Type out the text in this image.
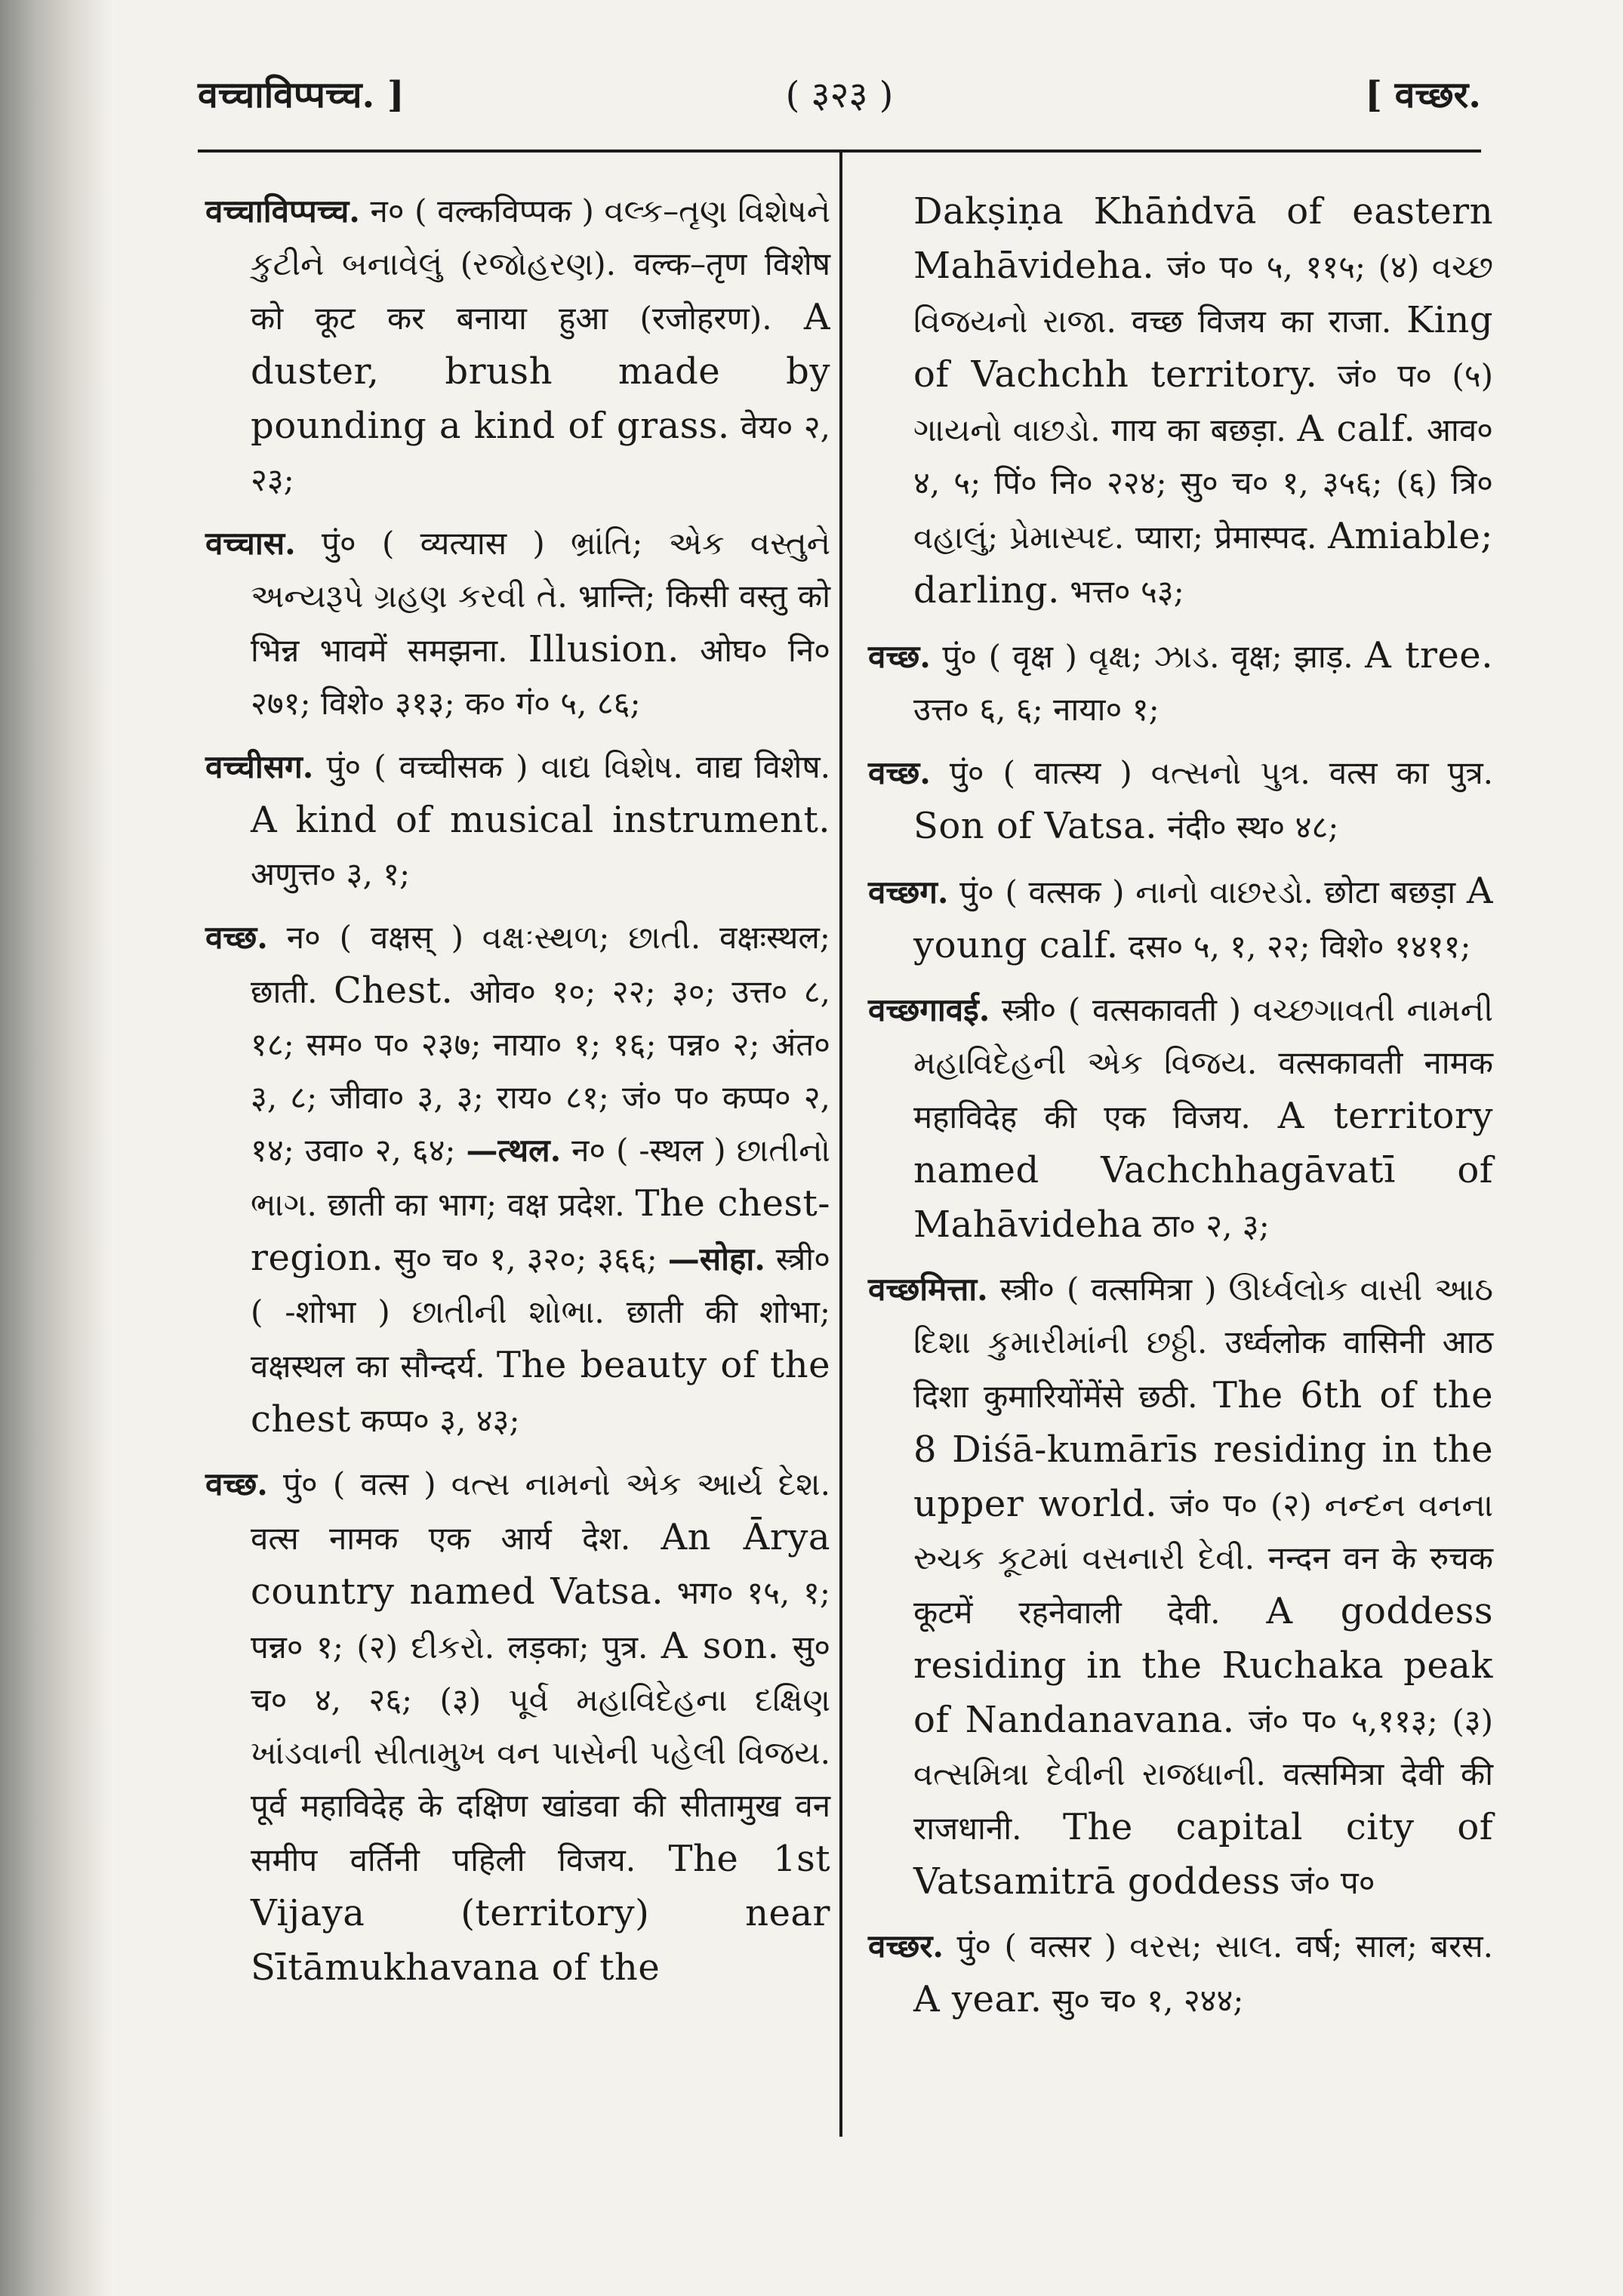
वच्चाविप्पच्च. ]	( ३२३ )	[ वच्छर.

वच्चाविप्पच्च. न० ( वल्कविप्पक ) વલ્ક–તૃણ વિશેષને કુટીને બનાવેલું (રજોહરણ). वल्क–तृण विशेष को कूट कर बनाया हुआ (रजोहरण). A duster, brush made by pounding a kind of grass. वेय० २, २३;

वच्चास. पुं० ( व्यत्यास ) ભ્રાંતિ; એક વસ્તુને અન્યરૂપે ગ્રહણ કરવી તે. भ्रान्ति; किसी वस्तु को भिन्न भावमें समझना. Illusion. ओघ० नि० २७१; विशे० ३१३; क० गं० ५, ८६;

वच्चीसग. पुं० ( वच्चीसक ) વાદ્ય વિશેષ. वाद्य विशेष. A kind of musical instrument. अणुत्त० ३, १;

वच्छ. न० ( वक्षस् ) વક્ષઃસ્થળ; છાતી. वक्षःस्थल; छाती. Chest. ओव० १०; २२; ३०; उत्त० ८, १८; सम० प० २३७; नाया० १; १६; पन्न० २; अंत० ३, ८; जीवा० ३, ३; राय० ८१; जं० प० कप्प० २, १४; उवा० २, ६४; —त्थल. न० ( -स्थल ) છાતીનો ભાગ. छाती का भाग; वक्ष प्रदेश. The chest-region. सु० च० १, ३२०; ३६६; —सोहा. स्त्री० ( -शोभा ) છાતીની શોભા. छाती की शोभा; वक्षस्थल का सौन्दर्य. The beauty of the chest कप्प० ३, ४३;

वच्छ. पुं० ( वत्स ) વત્સ નામનો એક આર્ય દેશ. वत्स नामक एक आर्य देश. An Ārya country named Vatsa. भग० १५, १; पन्न० १; (२) દીકરો. लड़का; पुत्र. A son. सु० च० ४, २६; (३) પૂર્વ મહાવિદેહના દક્ષિણ ખાંડવાની સીતામુખ વન પાસેની પહેલી વિજય. पूर्व महाविदेह के दक्षिण खांडवा की सीतामुख वन समीप वर्तिनी पहिली विजय. The 1st Vijaya (territory) near Sītāmukhavana of the

Dakṣiṇa Khāṅdvā of eastern Mahāvideha. जं० प० ५, ११५; (४) વચ્છ વિજયનો રાજા. वच्छ विजय का राजा. King of Vachchh territory. जं० प० (५) ગાયનો વાછડો. गाय का बछड़ा. A calf. आव० ४, ५; पिं० नि० २२४; सु० च० १, ३५६; (६) त्रि० વહાલું; પ્રેમાસ્પદ. प्यारा; प्रेमास्पद. Amiable; darling. भत्त० ५३;

वच्छ. पुं० ( वृक्ष ) વૃક્ષ; ઝાડ. वृक्ष; झाड़. A tree. उत्त० ६, ६; नाया० १;

वच्छ. पुं० ( वात्स्य ) વત્સનો પુત્ર. वत्स का पुत्र. Son of Vatsa. नंदी० स्थ० ४८;

वच्छग. पुं० ( वत्सक ) નાનો વાછરડો. छोटा बछड़ा A young calf. दस० ५, १, २२; विशे० १४११;

वच्छगावई. स्त्री० ( वत्सकावती ) વચ્છગાવતી નામની મહાવિદેહની એક વિજય. वत्सकावती नामक महाविदेह की एक विजय. A territory named Vachchhagāvatī of Mahāvideha ठा० २, ३;

वच्छमित्ता. स्त्री० ( वत्समित्रा ) ઊર્ધ્વલોક વાસી આઠ દિશા કુમારીમાંની છઠ્ઠી. उर्ध्वलोक वासिनी आठ दिशा कुमारियोंमेंसे छठी. The 6th of the 8 Diśā-kumārīs residing in the upper world. जं० प० (२) નન્દન વનના રુચક કૂટમાં વસનારી દેવી. नन्दन वन के रुचक कूटमें रहनेवाली देवी. A goddess residing in the Ruchaka peak of Nandanavana. जं० प० ५,११३; (३) વત્સમિત્રા દેવીની રાજધાની. वत्समित्रा देवी की राजधानी. The capital city of Vatsamitrā goddess जं० प०

वच्छर. पुं० ( वत्सर ) વરસ; સાલ. वर्ष; साल; बरस. A year. सु० च० १, २४४;
